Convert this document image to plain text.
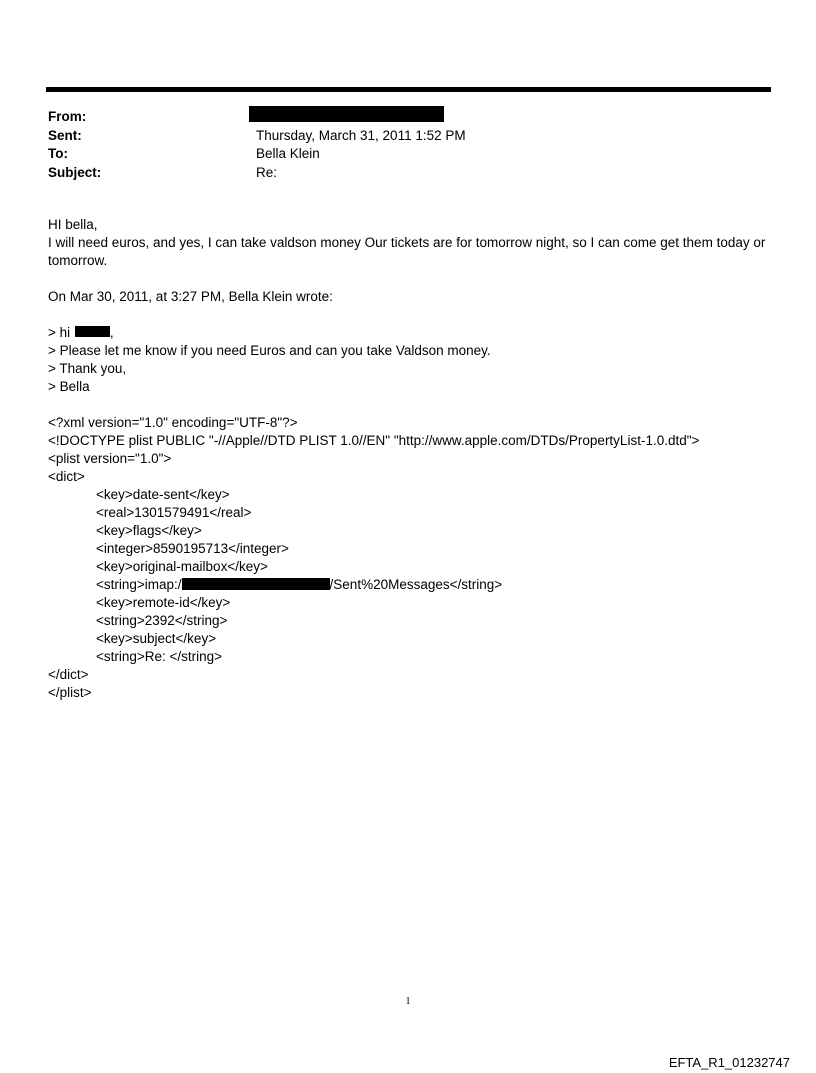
From:
Sent:	Thursday, March 31, 2011 1:52 PM
To:	Bella Klein
Subject:	Re:

HI bella,

I will need euros, and yes, I can take valdson money Our tickets are for tomorrow night, so I can come get them today or tomorrow.

On Mar 30, 2011, at 3:27 PM, Bella Klein wrote:

> hi	,

> Please let me know if you need Euros and can you take Valdson money.

> Thank you,

> Bella

<?xml version="1.0" encoding="UTF-8"?>

<!DOCTYPE plist PUBLIC "-//Apple//DTD PLIST 1.0//EN" "http://www.apple.com/DTDs/PropertyList-1.0.dtd">

<plist version="1.0">

<dict>

<key>date-sent</key>

<real>1301579491</real>

<key>flags</key>

<integer>8590195713</integer>

<key>original-mailbox</key>

<string>imap:/	/Sent%20Messages</string>

<key>remote-id</key>

<string>2392</string>

<key>subject</key>

<string>Re: </string>

</dict>

</plist>

1
EFTA_R1_01232747
